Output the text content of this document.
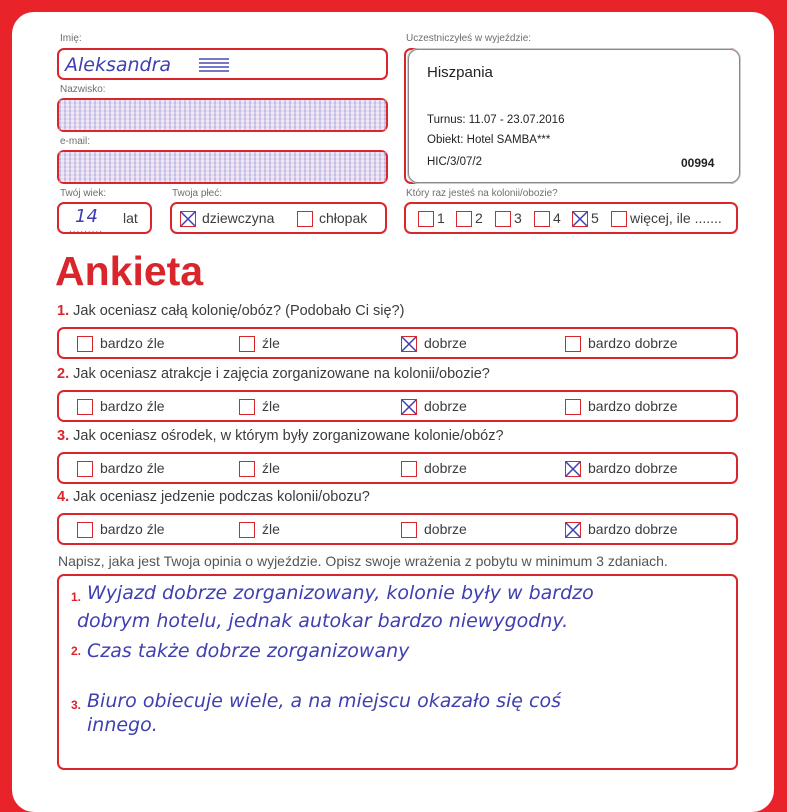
Imię:
Aleksandra
Nazwisko:
e-mail:
Twój wiek:	Twoja płeć:
14
.........
lat	dziewczyna	chłopak
Uczestniczyłeś w wyjeździe:
Hiszpania
Turnus: 11.07 - 23.07.2016
Obiekt: Hotel SAMBA***
HIC/3/07/2	00994
Który raz jesteś na kolonii/obozie?
1 2 3 4 5 więcej, ile .......
Ankieta
1. Jak oceniasz całą kolonię/obóz? (Podobało Ci się?)
bardzo źle	źle	dobrze	bardzo dobrze
2. Jak oceniasz atrakcje i zajęcia zorganizowane na kolonii/obozie?
bardzo źle	źle	dobrze	bardzo dobrze
3. Jak oceniasz ośrodek, w którym były zorganizowane kolonie/obóz?
bardzo źle	źle	dobrze	bardzo dobrze
4. Jak oceniasz jedzenie podczas kolonii/obozu?
bardzo źle	źle	dobrze	bardzo dobrze
Napisz, jaka jest Twoja opinia o wyjeździe. Opisz swoje wrażenia z pobytu w minimum 3 zdaniach.
1.
2.
3.
Wyjazd dobrze zorganizowany, kolonie były w bardzo
dobrym hotelu, jednak autokar bardzo niewygodny.
Czas także dobrze zorganizowany
Biuro obiecuje wiele, a na miejscu okazało się coś
innego.
